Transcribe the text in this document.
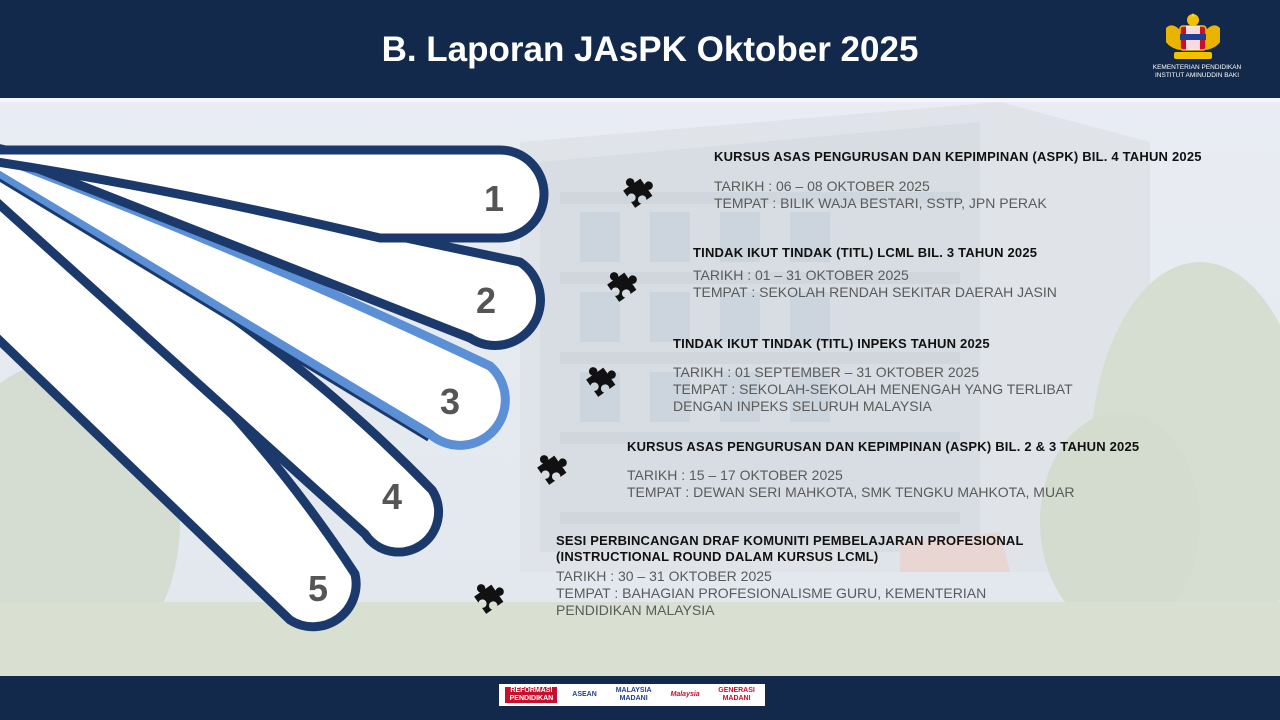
B. Laporan JAsPK Oktober 2025	KEMENTERIAN PENDIDIKAN
INSTITUT AMINUDDIN BAKI
1
2
3
4
5
KURSUS ASAS PENGURUSAN DAN KEPIMPINAN (ASPK) BIL. 4 TAHUN 2025
TARIKH : 06 – 08 OKTOBER 2025
TEMPAT : BILIK WAJA BESTARI, SSTP, JPN PERAK
TINDAK IKUT TINDAK (TITL) LCML BIL. 3 TAHUN 2025
TARIKH : 01 – 31 OKTOBER 2025
TEMPAT : SEKOLAH RENDAH SEKITAR DAERAH JASIN
TINDAK IKUT TINDAK (TITL) INPEKS TAHUN 2025
TARIKH : 01 SEPTEMBER – 31 OKTOBER 2025
TEMPAT : SEKOLAH-SEKOLAH MENENGAH YANG TERLIBAT
DENGAN INPEKS SELURUH MALAYSIA
KURSUS ASAS PENGURUSAN DAN KEPIMPINAN (ASPK) BIL. 2 & 3 TAHUN 2025
TARIKH : 15 – 17 OKTOBER 2025
TEMPAT : DEWAN SERI MAHKOTA, SMK TENGKU MAHKOTA, MUAR
SESI PERBINCANGAN DRAF KOMUNITI PEMBELAJARAN PROFESIONAL
(INSTRUCTIONAL ROUND DALAM KURSUS LCML)
TARIKH : 30 – 31 OKTOBER 2025
TEMPAT : BAHAGIAN PROFESIONALISME GURU, KEMENTERIAN
PENDIDIKAN MALAYSIA
REFORMASI PENDIDIKAN
ASEAN
MALAYSIA MADANI
Malaysia
GENERASI MADANI
